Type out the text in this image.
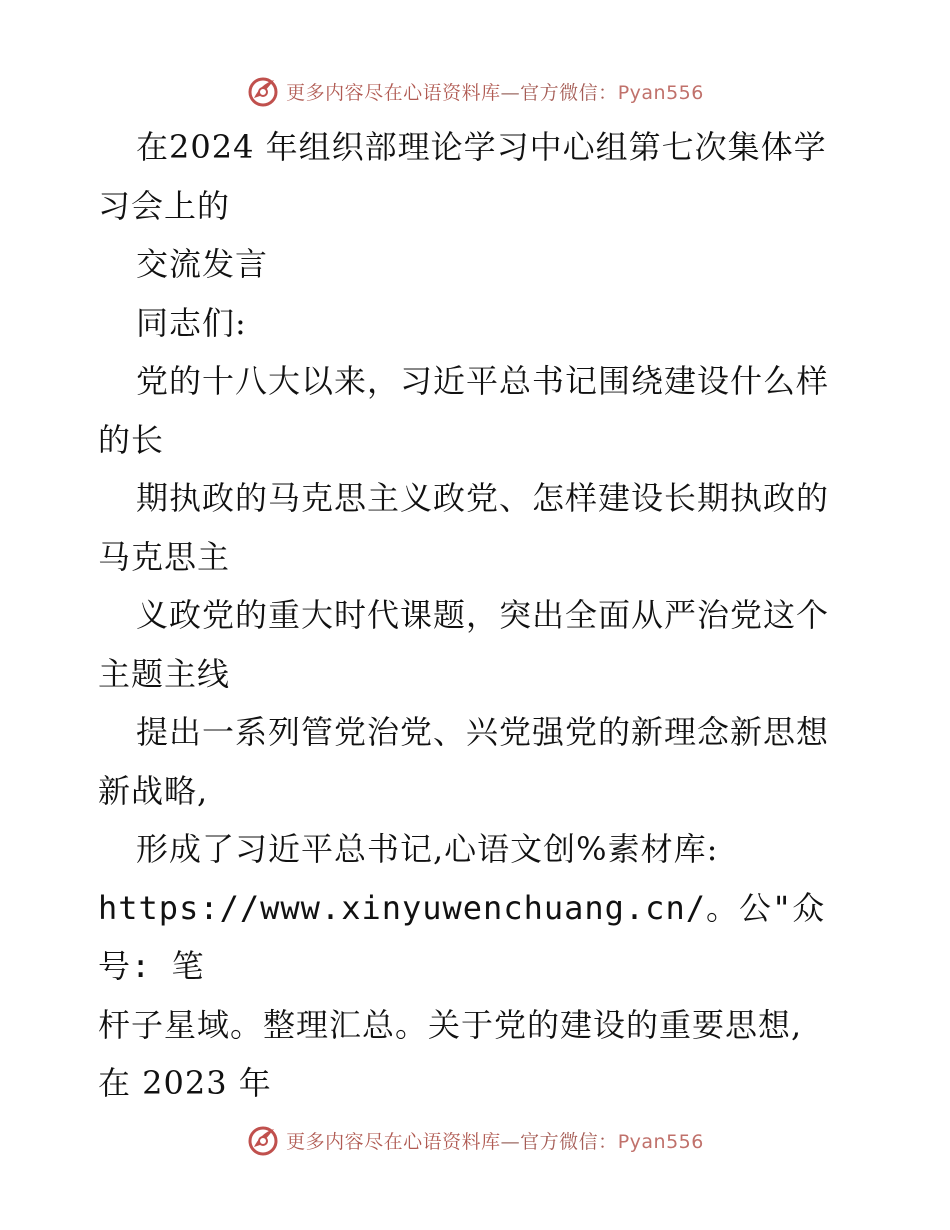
更多内容尽在心语资料库—官方微信：Pyan556

在2024 年组织部理论学习中心组第七次集体学习会上的

交流发言

同志们:

党的十八大以来，习近平总书记围绕建设什么样的长

期执政的马克思主义政党、怎样建设长期执政的马克思主

义政党的重大时代课题，突出全面从严治党这个主题主线

提出一系列管党治党、兴党强党的新理念新思想新战略,

形成了习近平总书记,心语文创%素材库:

https://www.xinyuwenchuang.cn/。公"众号: 笔

杆子星域。整理汇总。关于党的建设的重要思想,

在 2023 年

更多内容尽在心语资料库—官方微信：Pyan556
